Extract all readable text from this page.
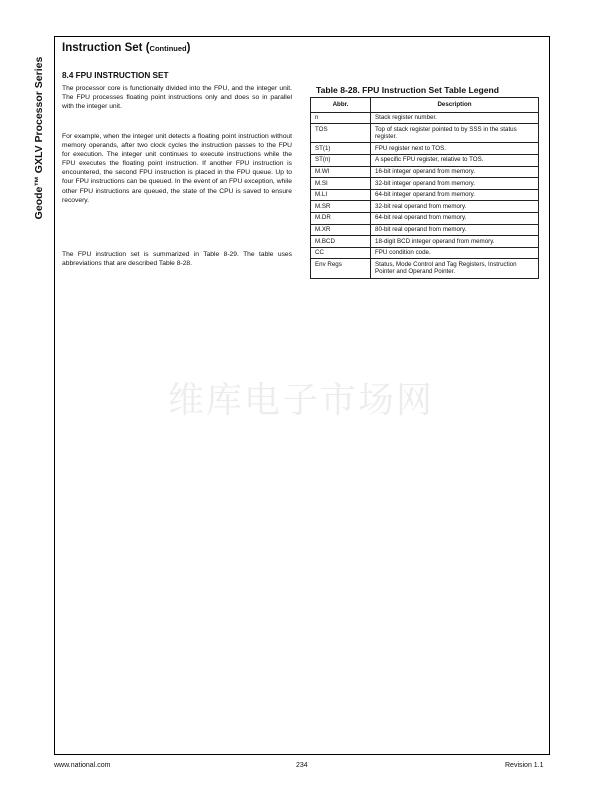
Geode™ GXLV Processor Series
Instruction Set (Continued)
8.4 FPU INSTRUCTION SET
The processor core is functionally divided into the FPU, and the integer unit. The FPU processes floating point instructions only and does so in parallel with the integer unit.
For example, when the integer unit detects a floating point instruction without memory operands, after two clock cycles the instruction passes to the FPU for execution. The integer unit continues to execute instructions while the FPU executes the floating point instruction. If another FPU instruction is encountered, the second FPU instruction is placed in the FPU queue. Up to four FPU instructions can be queued. In the event of an FPU exception, while other FPU instructions are queued, the state of the CPU is saved to ensure recovery.
The FPU instruction set is summarized in Table 8-29. The table uses abbreviations that are described Table 8-28.
Table 8-28. FPU Instruction Set Table Legend
Abbr.	Description
n	Stack register number.
TOS	Top of stack register pointed to by SSS in the status register.
ST(1)	FPU register next to TOS.
ST(n)	A specific FPU register, relative to TOS.
M.WI	16-bit integer operand from memory.
M.SI	32-bit integer operand from memory.
M.LI	64-bit integer operand from memory.
M.SR	32-bit real operand from memory.
M.DR	64-bit real operand from memory.
M.XR	80-bit real operand from memory.
M.BCD	18-digit BCD integer operand from memory.
CC	FPU condition code.
Env Regs	Status, Mode Control and Tag Registers, Instruction Pointer and Operand Pointer.
维库电子市场网
www.national.com	234	Revision 1.1
